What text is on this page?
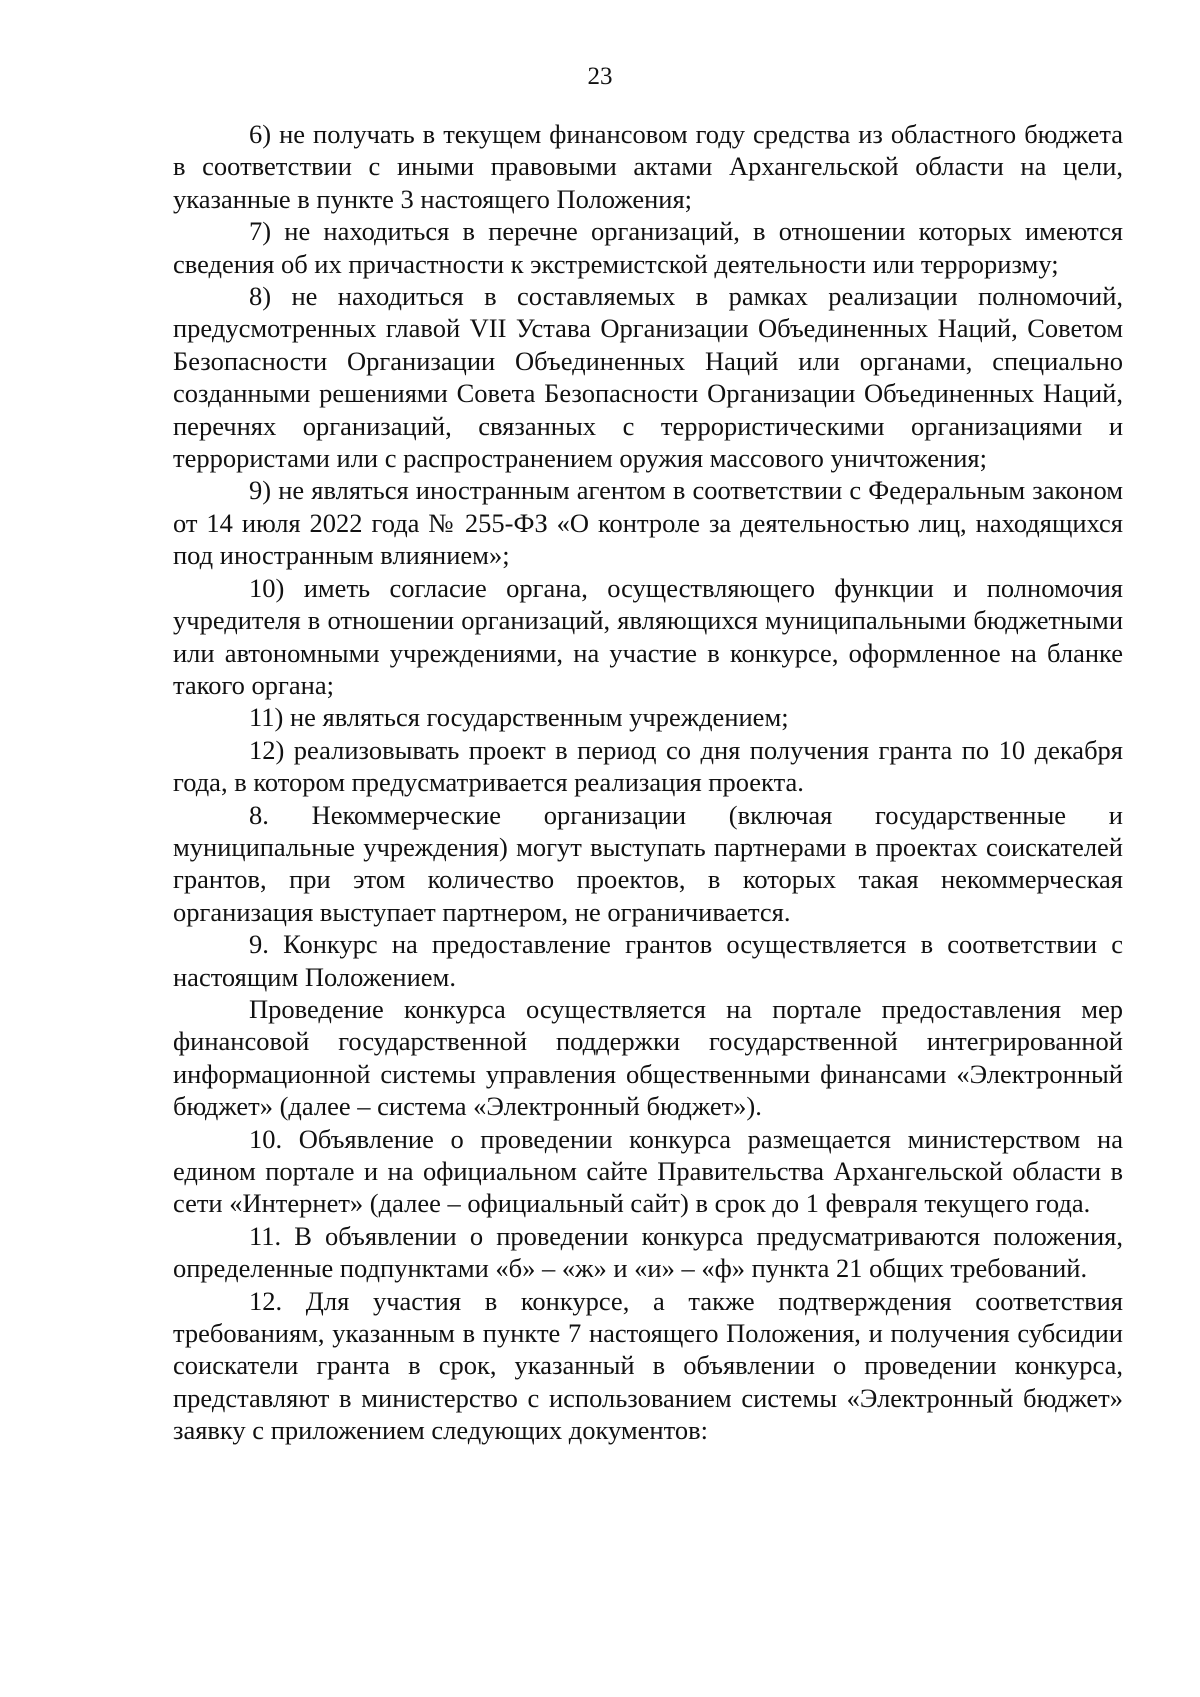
23

6) не получать в текущем финансовом году средства из областного бюджета в соответствии с иными правовыми актами Архангельской области на цели, указанные в пункте 3 настоящего Положения;

7) не находиться в перечне организаций, в отношении которых имеются сведения об их причастности к экстремистской деятельности или терроризму;

8) не находиться в составляемых в рамках реализации полномочий, предусмотренных главой VII Устава Организации Объединенных Наций, Советом Безопасности Организации Объединенных Наций или органами, специально созданными решениями Совета Безопасности Организации Объединенных Наций, перечнях организаций, связанных с террористическими организациями и террористами или с распространением оружия массового уничтожения;

9) не являться иностранным агентом в соответствии с Федеральным законом от 14 июля 2022 года № 255-ФЗ «О контроле за деятельностью лиц, находящихся под иностранным влиянием»;

10) иметь согласие органа, осуществляющего функции и полномочия учредителя в отношении организаций, являющихся муниципальными бюджетными или автономными учреждениями, на участие в конкурсе, оформленное на бланке такого органа;

11) не являться государственным учреждением;

12) реализовывать проект в период со дня получения гранта по 10 декабря года, в котором предусматривается реализация проекта.

8. Некоммерческие организации (включая государственные и муниципальные учреждения) могут выступать партнерами в проектах соискателей грантов, при этом количество проектов, в которых такая некоммерческая организация выступает партнером, не ограничивается.

9. Конкурс на предоставление грантов осуществляется в соответствии с настоящим Положением.

Проведение конкурса осуществляется на портале предоставления мер финансовой государственной поддержки государственной интегрированной информационной системы управления общественными финансами «Электронный бюджет» (далее – система «Электронный бюджет»).

10. Объявление о проведении конкурса размещается министерством на едином портале и на официальном сайте Правительства Архангельской области в сети «Интернет» (далее – официальный сайт) в срок до 1 февраля текущего года.

11. В объявлении о проведении конкурса предусматриваются положения, определенные подпунктами «б» – «ж» и «и» – «ф» пункта 21 общих требований.

12. Для участия в конкурсе, а также подтверждения соответствия требованиям, указанным в пункте 7 настоящего Положения, и получения субсидии соискатели гранта в срок, указанный в объявлении о проведении конкурса, представляют в министерство с использованием системы «Электронный бюджет» заявку с приложением следующих документов:
